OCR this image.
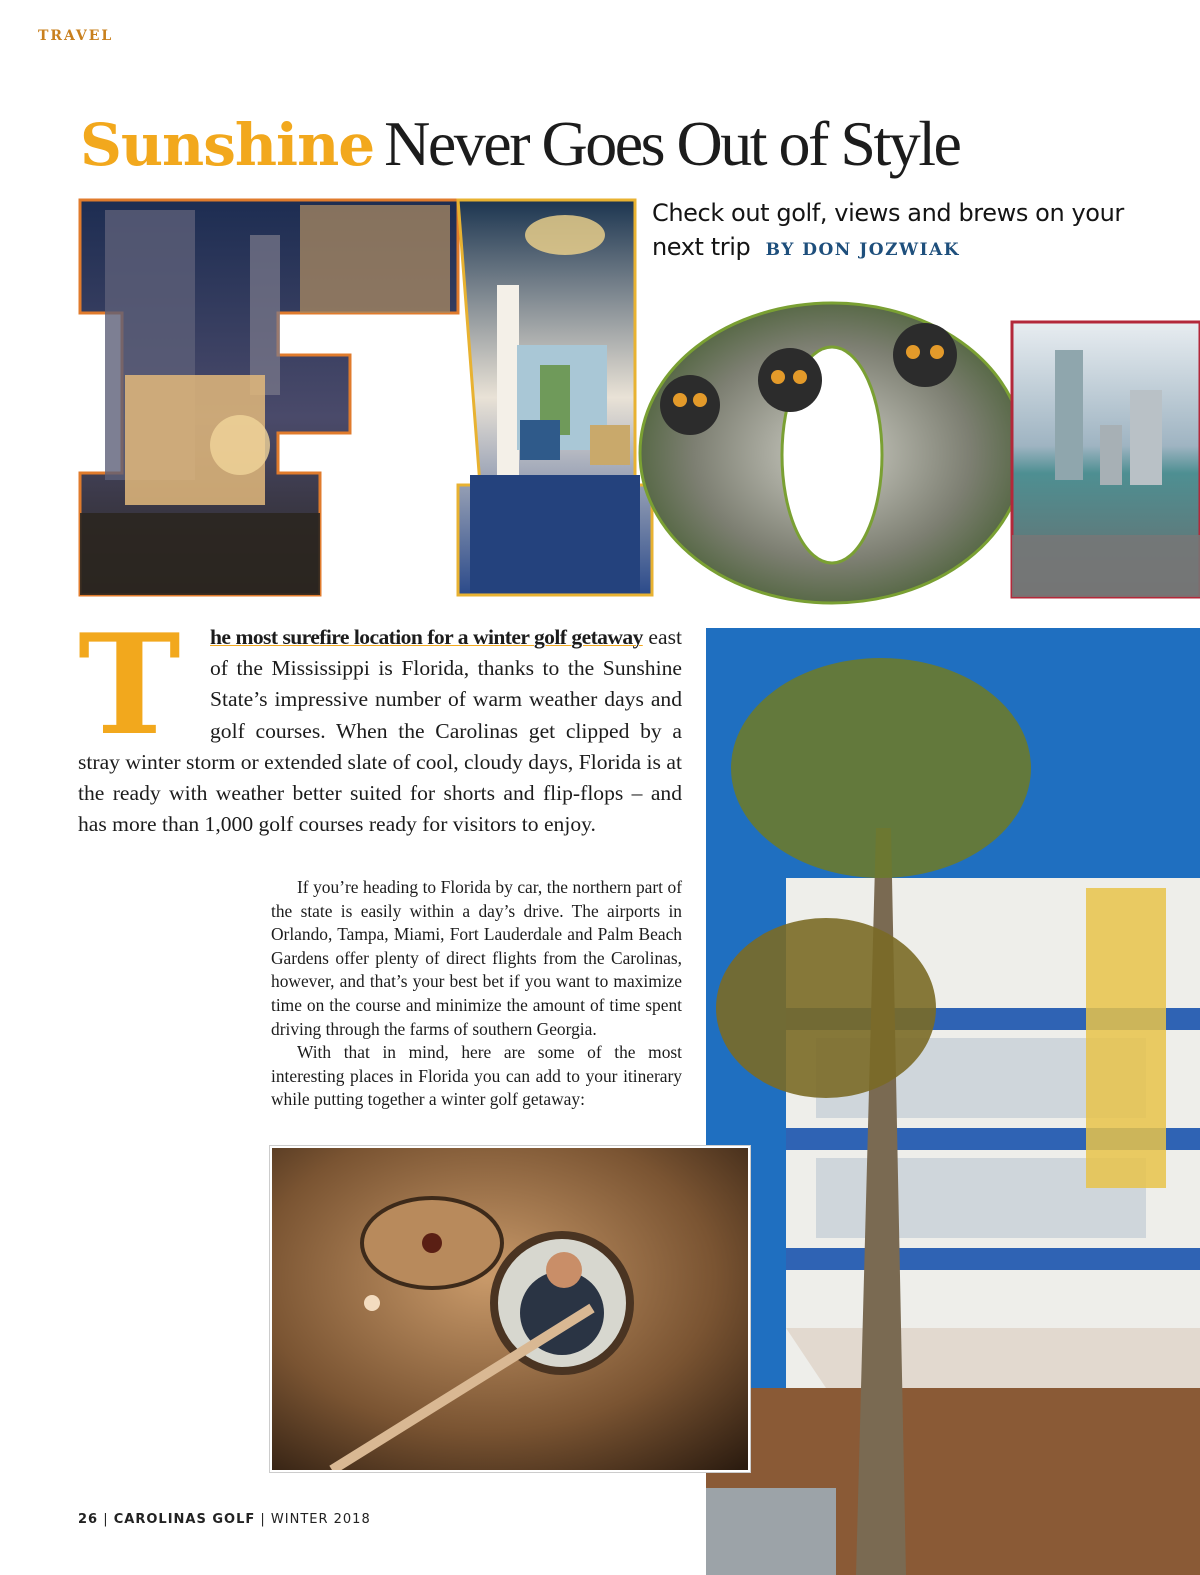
TRAVEL
Sunshine Never Goes Out of Style
Check out golf, views and brews on your next trip BY DON JOZWIAK
T he most surefire location for a winter golf getaway east of the Mississippi is Florida, thanks to the Sunshine State’s impressive number of warm weather days and golf courses. When the Carolinas get clipped by a stray winter storm or extended slate of cool, cloudy days, Florida is at the ready with weather better suited for shorts and flip-flops – and has more than 1,000 golf courses ready for visitors to enjoy.

If you’re heading to Florida by car, the northern part of the state is easily within a day’s drive. The airports in Orlando, Tampa, Miami, Fort Lauderdale and Palm Beach Gardens offer plenty of direct flights from the Carolinas, however, and that’s your best bet if you want to maximize time on the course and minimize the amount of time spent driving through the farms of southern Georgia.

With that in mind, here are some of the most interesting places in Florida you can add to your itinerary while putting together a winter golf getaway:

26 | CAROLINAS GOLF | WINTER 2018
